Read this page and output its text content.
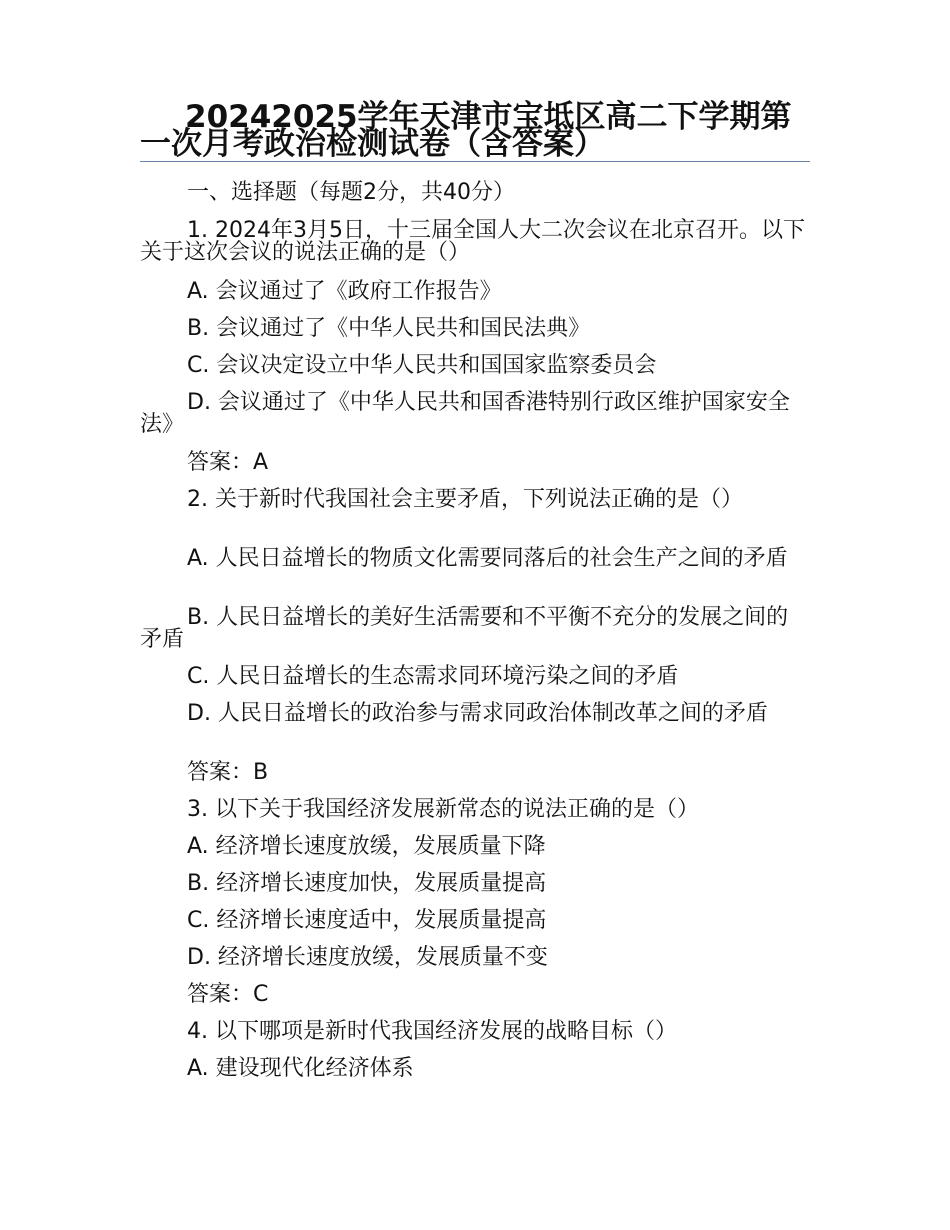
20242025学年天津市宝坻区高二下学期第一次月考政治检测试卷（含答案）
一、选择题（每题2分，共40分）
1. 2024年3月5日，十三届全国人大二次会议在北京召开。以下关于这次会议的说法正确的是（）
A. 会议通过了《政府工作报告》
B. 会议通过了《中华人民共和国民法典》
C. 会议决定设立中华人民共和国国家监察委员会
D. 会议通过了《中华人民共和国香港特别行政区维护国家安全法》
答案：A
2. 关于新时代我国社会主要矛盾，下列说法正确的是（）
A. 人民日益增长的物质文化需要同落后的社会生产之间的矛盾
B. 人民日益增长的美好生活需要和不平衡不充分的发展之间的矛盾
C. 人民日益增长的生态需求同环境污染之间的矛盾
D. 人民日益增长的政治参与需求同政治体制改革之间的矛盾
答案：B
3. 以下关于我国经济发展新常态的说法正确的是（）
A. 经济增长速度放缓，发展质量下降
B. 经济增长速度加快，发展质量提高
C. 经济增长速度适中，发展质量提高
D. 经济增长速度放缓，发展质量不变
答案：C
4. 以下哪项是新时代我国经济发展的战略目标（）
A. 建设现代化经济体系
